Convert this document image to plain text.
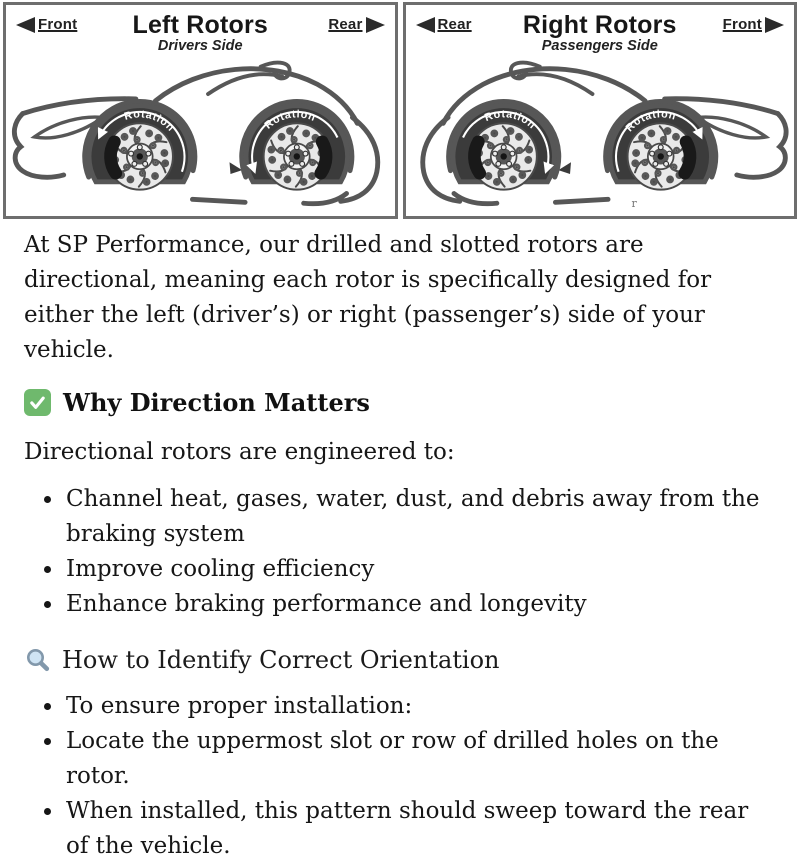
Front	Left Rotors
Drivers Side
Rear
Rotation	Rotation
Rear	Right Rotors
Passengers Side
Front
Rotation	Rotation
r

At SP Performance, our drilled and slotted rotors are directional, meaning each rotor is specifically designed for either the left (driver’s) or right (passenger’s) side of your vehicle.

Why Direction Matters

Directional rotors are engineered to:

• Channel heat, gases, water, dust, and debris away from the braking system
• Improve cooling efficiency
• Enhance braking performance and longevity
How to Identify Correct Orientation
• To ensure proper installation:
• Locate the uppermost slot or row of drilled holes on the rotor.
• When installed, this pattern should sweep toward the rear of the vehicle.
